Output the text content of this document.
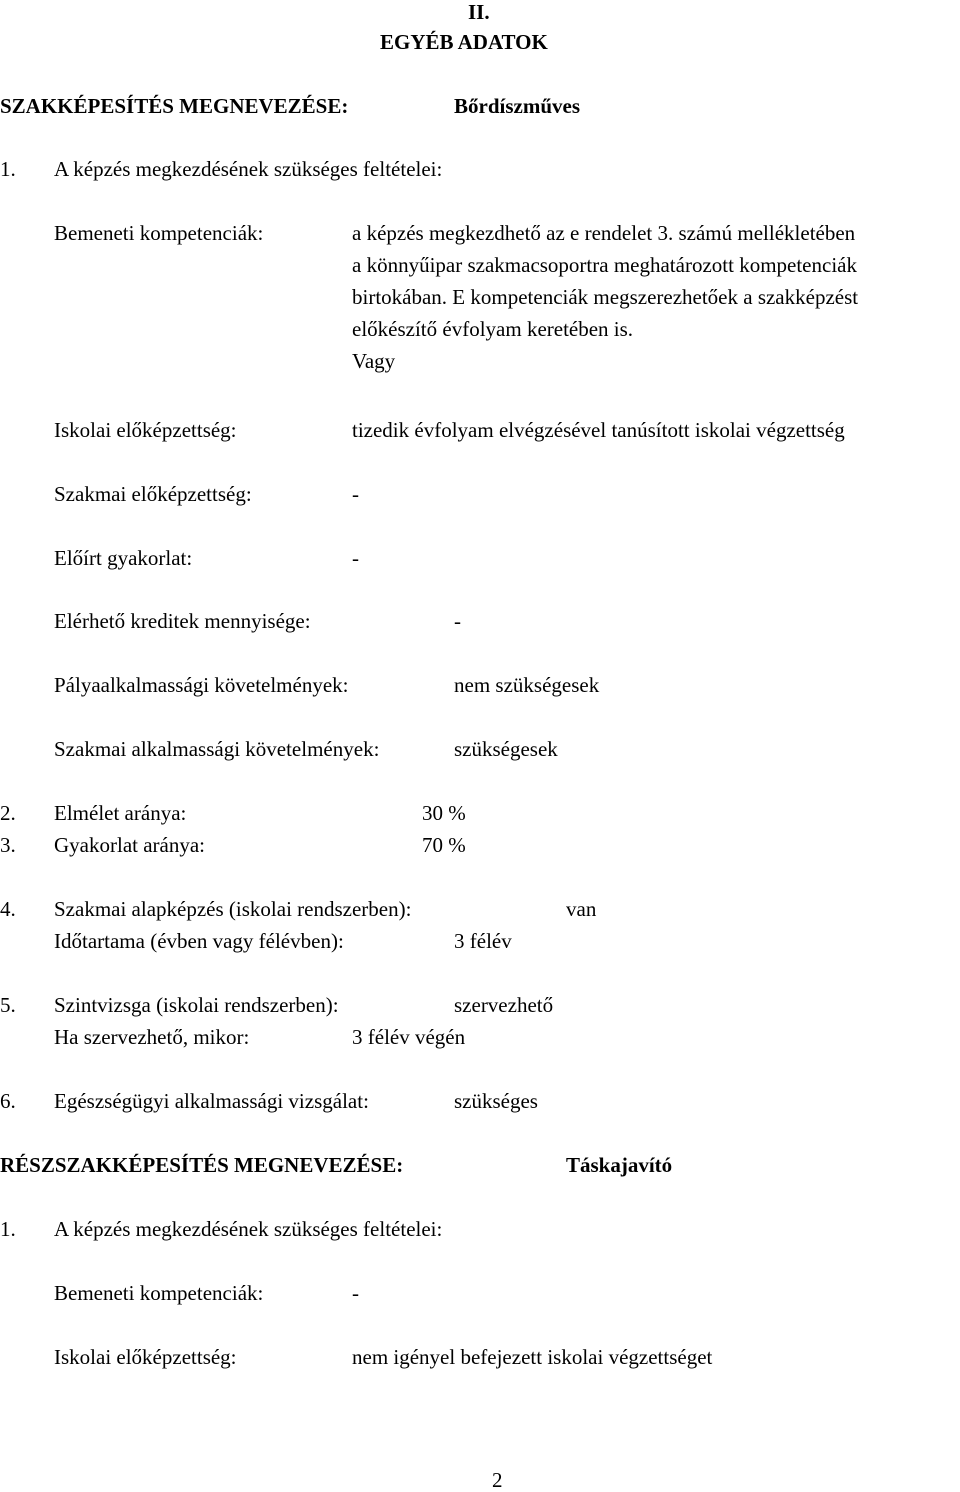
II.
EGYÉB ADATOK
SZAKKÉPESÍTÉS MEGNEVEZÉSE:	Bőrdíszműves
1. A képzés megkezdésének szükséges feltételei:
Bemeneti kompetenciák:	a képzés megkezdhető az e rendelet 3. számú mellékletében
a könnyűipar szakmacsoportra meghatározott kompetenciák
birtokában. E kompetenciák megszerezhetőek a szakképzést
előkészítő évfolyam keretében is.
Vagy
Iskolai előképzettség:	tizedik évfolyam elvégzésével tanúsított iskolai végzettség
Szakmai előképzettség:	-
Előírt gyakorlat:	-
Elérhető kreditek mennyisége:	-
Pályaalkalmassági követelmények:	nem szükségesek
Szakmai alkalmassági követelmények:	szükségesek
2. Elmélet aránya:	30 %
3. Gyakorlat aránya:	70 %
4. Szakmai alapképzés (iskolai rendszerben):	van
Időtartama (évben vagy félévben):	3 félév
5. Szintvizsga (iskolai rendszerben):	szervezhető
Ha szervezhető, mikor:	3 félév végén
6. Egészségügyi alkalmassági vizsgálat:	szükséges
RÉSZSZAKKÉPESÍTÉS MEGNEVEZÉSE:	Táskajavító
1. A képzés megkezdésének szükséges feltételei:
Bemeneti kompetenciák:	-
Iskolai előképzettség:	nem igényel befejezett iskolai végzettséget
2
